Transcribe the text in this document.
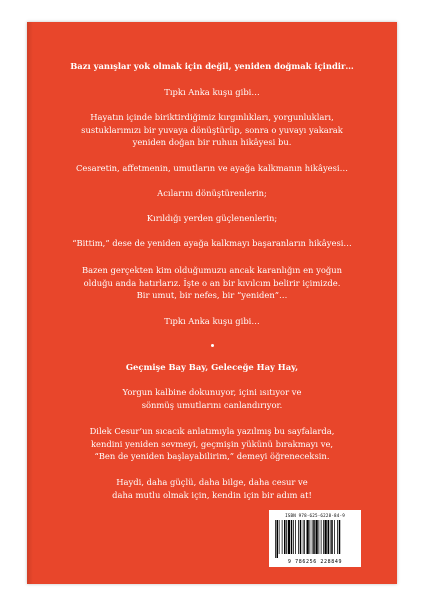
Bazı yanışlar yok olmak için değil, yeniden doğmak içindir…
Tıpkı Anka kuşu gibi…
Hayatın içinde biriktirdiğimiz kırgınlıkları, yorgunlukları,
sustuklarımızı bir yuvaya dönüştürüp, sonra o yuvayı yakarak
yeniden doğan bir ruhun hikâyesi bu.
Cesaretin, affetmenin, umutların ve ayağa kalkmanın hikâyesi…
Acılarını dönüştürenlerin;
Kırıldığı yerden güçlenenlerin;
“Bittim,” dese de yeniden ayağa kalkmayı başaranların hikâyesi…
Bazen gerçekten kim olduğumuzu ancak karanlığın en yoğun
olduğu anda hatırlarız. İşte o an bir kıvılcım belirir içimizde.
Bir umut, bir nefes, bir “yeniden”…
Tıpkı Anka kuşu gibi…
Geçmişe Bay Bay, Geleceğe Hay Hay,
Yorgun kalbine dokunuyor, içini ısıtıyor ve
sönmüş umutlarını canlandırıyor.
Dilek Cesur’un sıcacık anlatımıyla yazılmış bu sayfalarda,
kendini yeniden sevmeyi, geçmişin yükünü bırakmayı ve,
“Ben de yeniden başlayabilirim,” demeyi öğreneceksin.
Haydi, daha güçlü, daha bilge, daha cesur ve
daha mutlu olmak için, kendin için bir adım at!
ISBN 978-625-6228-84-9
9 786256 228849
